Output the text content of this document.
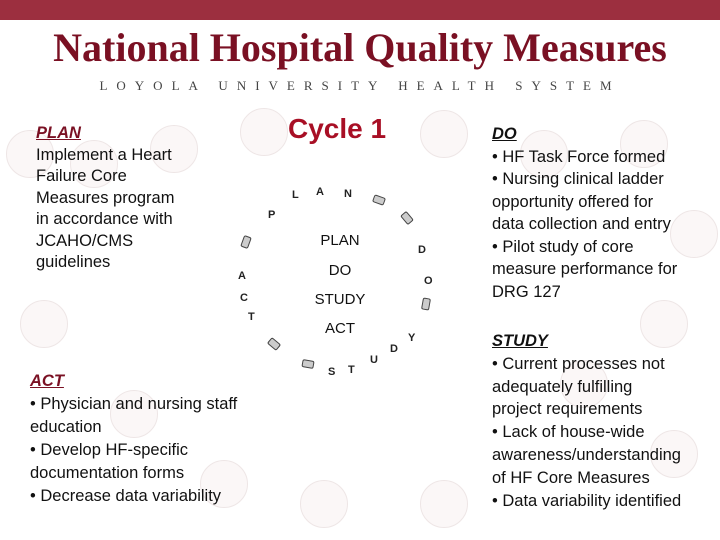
National Hospital Quality Measures
LOYOLA UNIVERSITY HEALTH SYSTEM
PLAN
Implement a Heart
Failure Core
Measures program
in accordance with
JCAHO/CMS
guidelines
ACT
• Physician and nursing staff
education
• Develop HF-specific
documentation forms
• Decrease data variability
DO
• HF Task Force formed
• Nursing clinical ladder
opportunity offered for
data collection and entry
• Pilot study of core
measure performance for
DRG 127
STUDY
• Current processes not
adequately fulfilling
project requirements
• Lack of house-wide
awareness/understanding
of HF Core Measures
• Data variability identified
Cycle 1
PLAN
DO
STUDY
ACT
L A N
D
O
Y
D
U
T
S
T
C
A
P
